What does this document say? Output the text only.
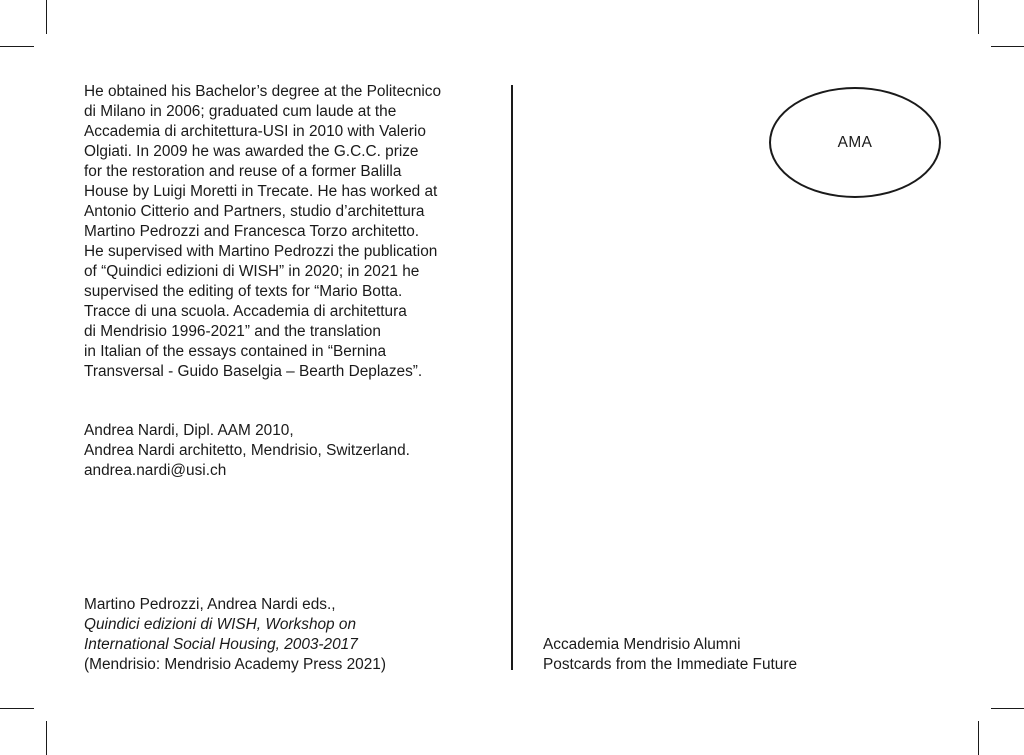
He obtained his Bachelor’s degree at the Politecnico
di Milano in 2006; graduated cum laude at the
Accademia di architettura-USI in 2010 with Valerio
Olgiati. In 2009 he was awarded the G.C.C. prize
for the restoration and reuse of a former Balilla
House by Luigi Moretti in Trecate. He has worked at
Antonio Citterio and Partners, studio d’architettura
Martino Pedrozzi and Francesca Torzo architetto.
He supervised with Martino Pedrozzi the publication
of “Quindici edizioni di WISH” in 2020; in 2021 he
supervised the editing of texts for “Mario Botta.
Tracce di una scuola. Accademia di architettura
di Mendrisio 1996-2021” and the translation
in Italian of the essays contained in “Bernina
Transversal - Guido Baselgia – Bearth Deplazes”.
Andrea Nardi, Dipl. AAM 2010,
Andrea Nardi architetto, Mendrisio, Switzerland.
andrea.nardi@usi.ch
Martino Pedrozzi, Andrea Nardi eds.,
Quindici edizioni di WISH, Workshop on
International Social Housing, 2003-2017
(Mendrisio: Mendrisio Academy Press 2021)
AMA
Accademia Mendrisio Alumni
Postcards from the Immediate Future
